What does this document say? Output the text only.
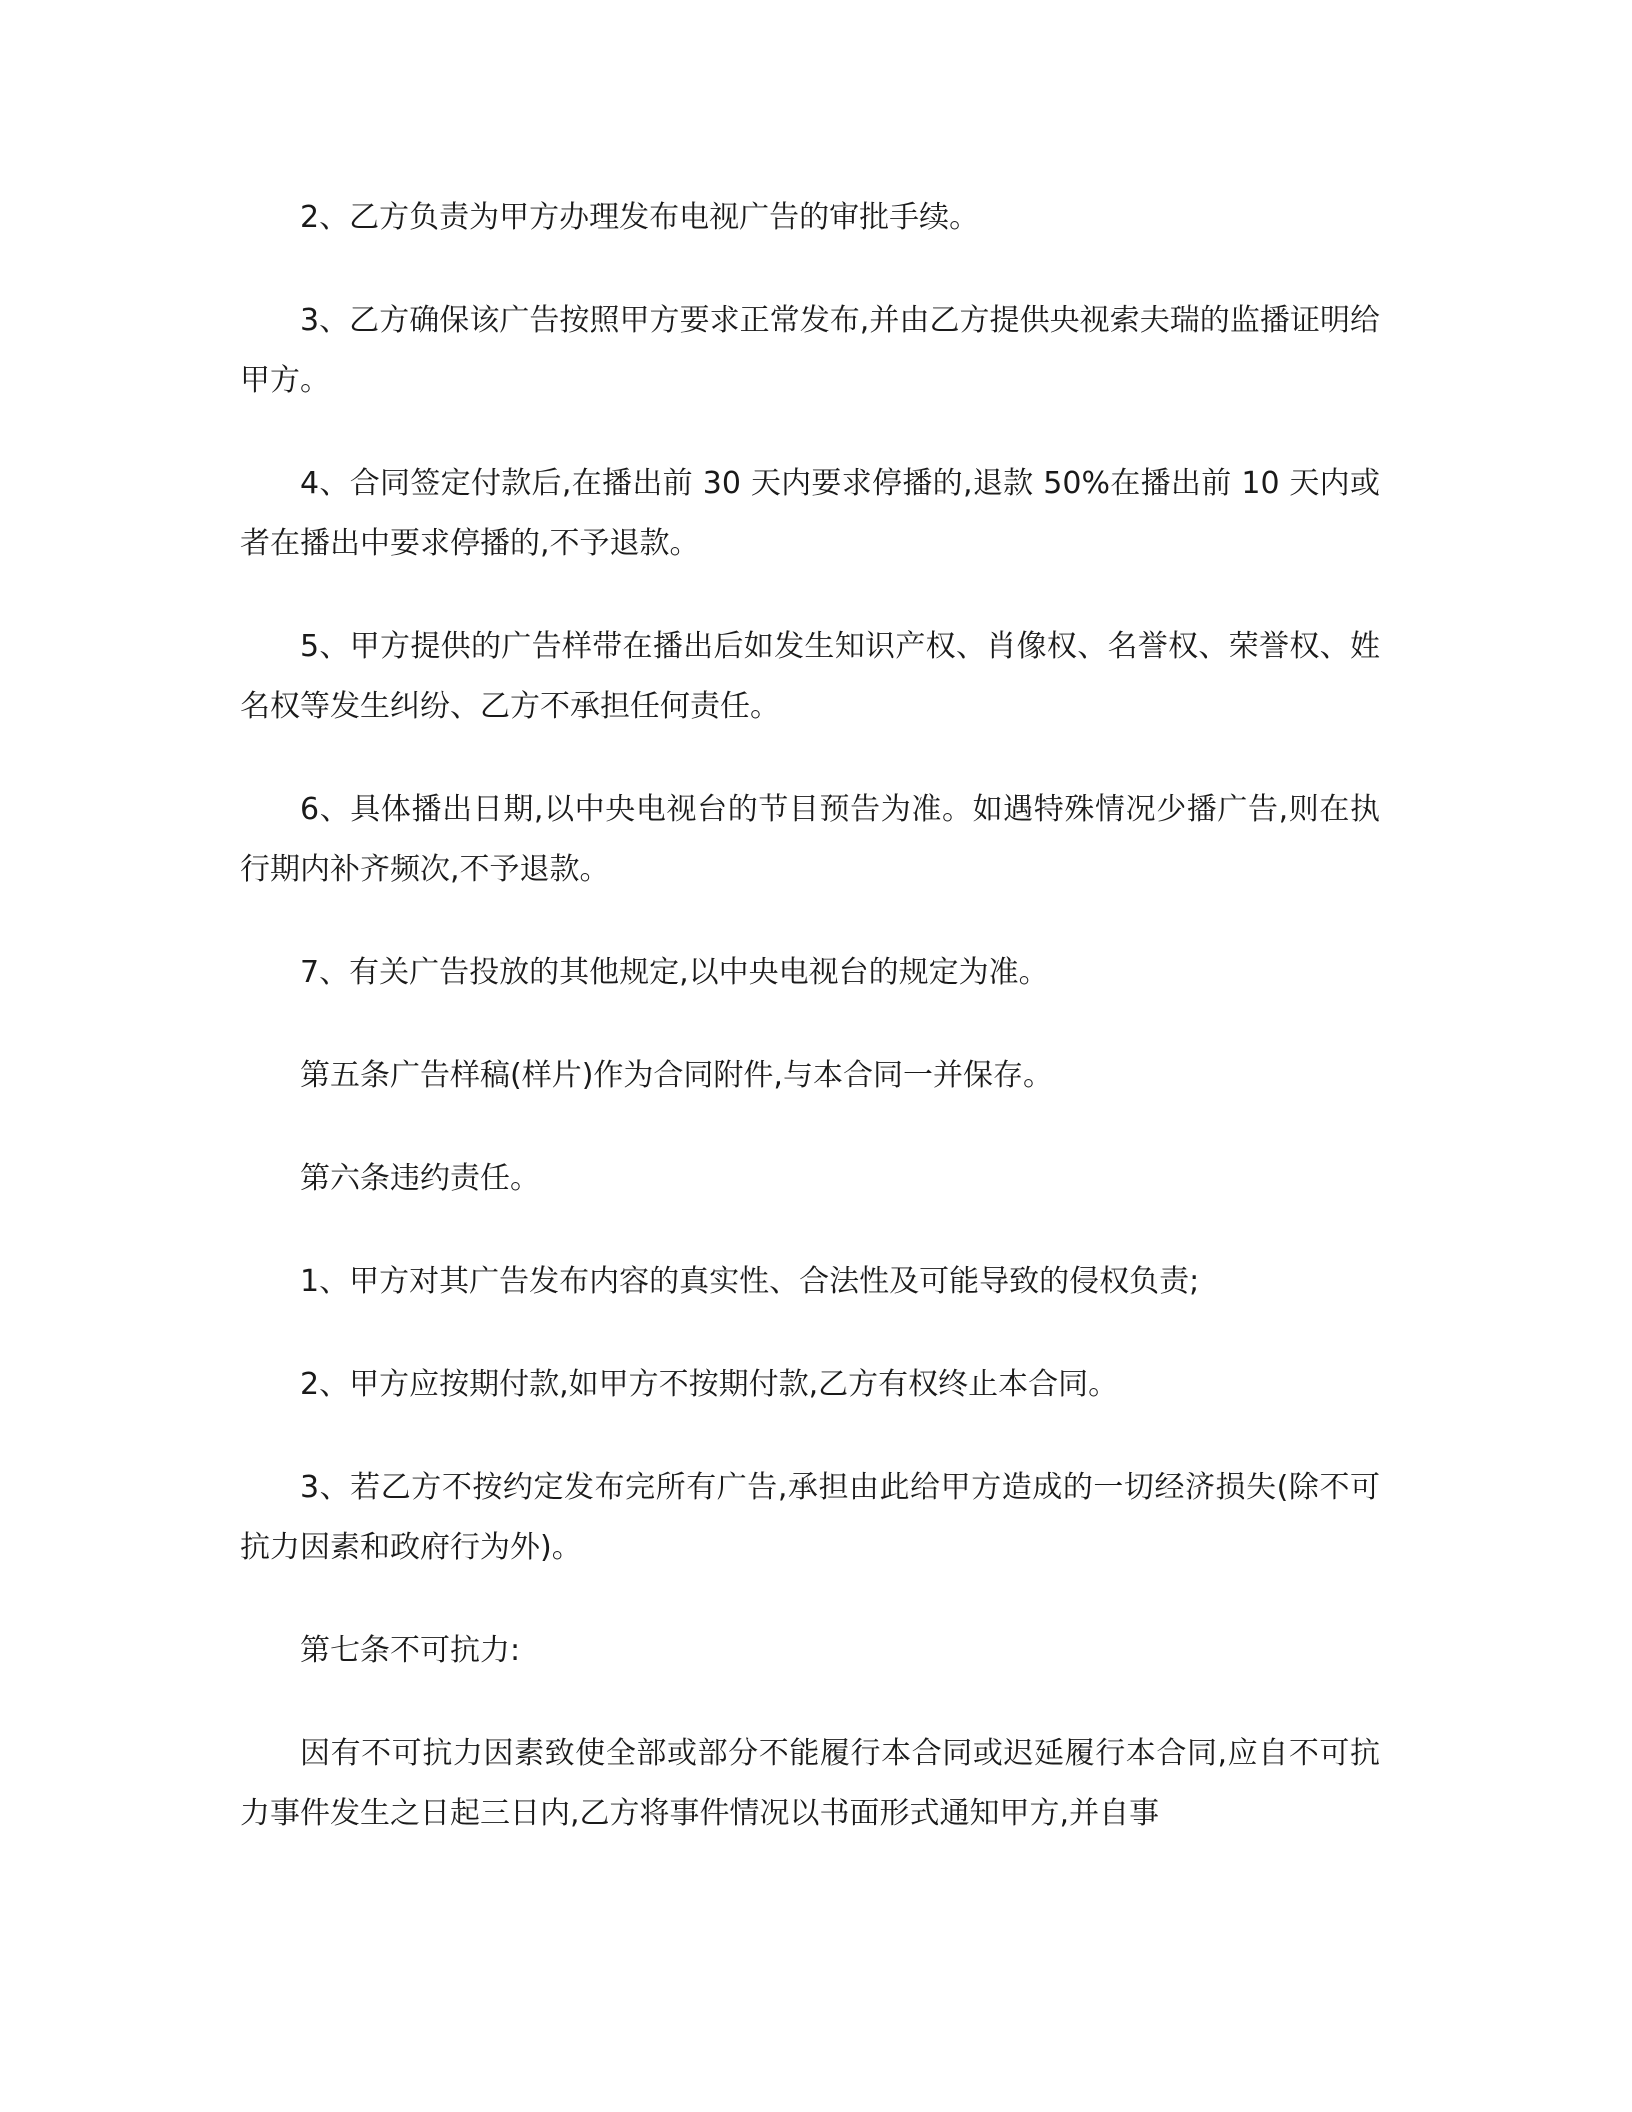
2、乙方负责为甲方办理发布电视广告的审批手续。

3、乙方确保该广告按照甲方要求正常发布,并由乙方提供央视索夫瑞的监播证明给甲方。

4、合同签定付款后,在播出前 30 天内要求停播的,退款 50%在播出前 10 天内或者在播出中要求停播的,不予退款。

5、甲方提供的广告样带在播出后如发生知识产权、肖像权、名誉权、荣誉权、姓名权等发生纠纷、乙方不承担任何责任。

6、具体播出日期,以中央电视台的节目预告为准。如遇特殊情况少播广告,则在执行期内补齐频次,不予退款。

7、有关广告投放的其他规定,以中央电视台的规定为准。

第五条广告样稿(样片)作为合同附件,与本合同一并保存。

第六条违约责任。

1、甲方对其广告发布内容的真实性、合法性及可能导致的侵权负责;

2、甲方应按期付款,如甲方不按期付款,乙方有权终止本合同。

3、若乙方不按约定发布完所有广告,承担由此给甲方造成的一切经济损失(除不可抗力因素和政府行为外)。

第七条不可抗力:

因有不可抗力因素致使全部或部分不能履行本合同或迟延履行本合同,应自不可抗力事件发生之日起三日内,乙方将事件情况以书面形式通知甲方,并自事
